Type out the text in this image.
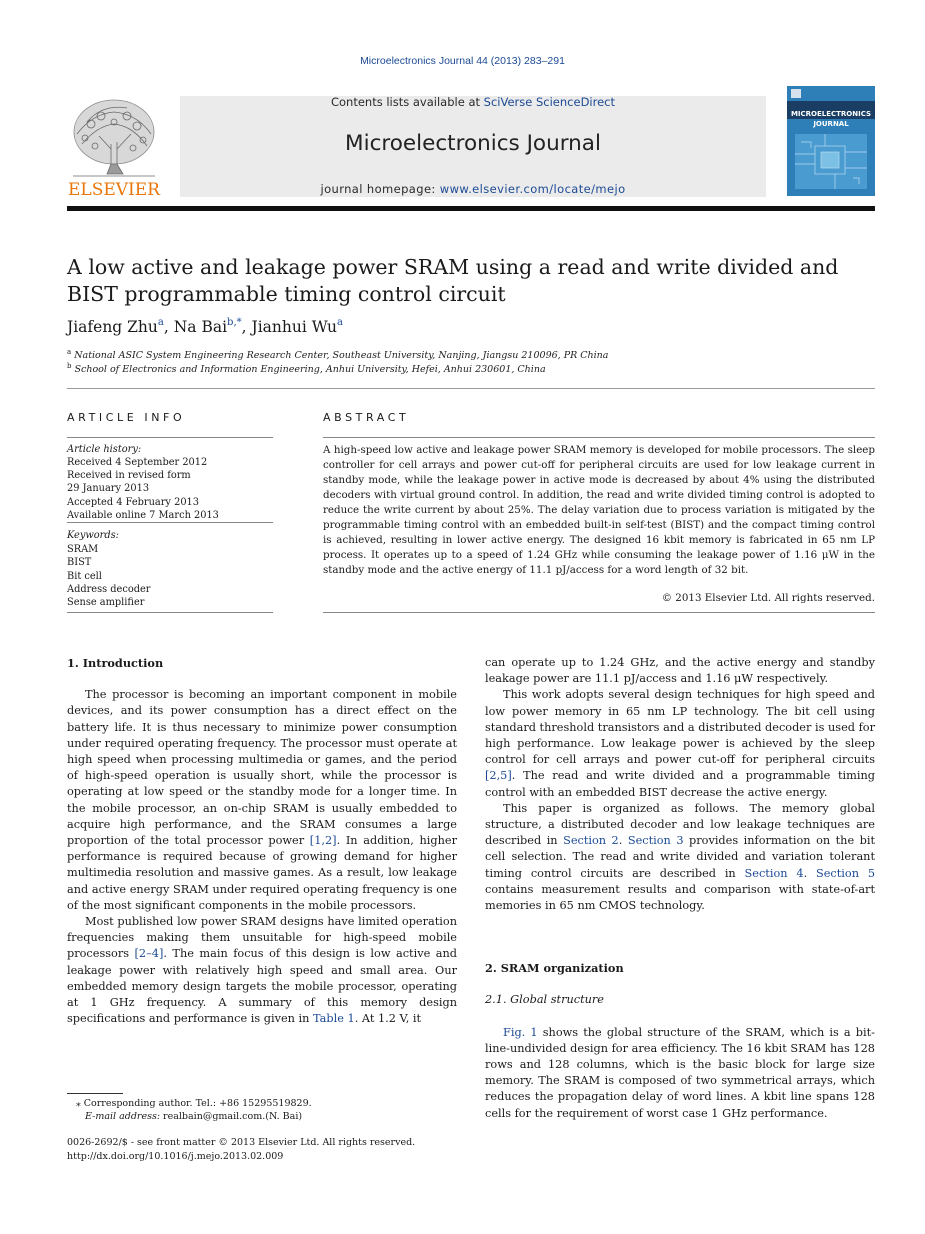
Microelectronics Journal 44 (2013) 283–291
ELSEVIER
Contents lists available at SciVerse ScienceDirect
Microelectronics Journal
journal homepage: www.elsevier.com/locate/mejo
MICROELECTRONICS JOURNAL
A low active and leakage power SRAM using a read and write divided and BIST programmable timing control circuit
Jiafeng Zhu$^a$, Na Bai$^{b,*}$, Jianhui Wu$^a$
$^a$ National ASIC System Engineering Research Center, Southeast University, Nanjing, Jiangsu 210096, PR China
$^b$ School of Electronics and Information Engineering, Anhui University, Hefei, Anhui 230601, China
ARTICLE INFO
Article history:
Received 4 September 2012
Received in revised form
29 January 2013
Accepted 4 February 2013
Available online 7 March 2013
Keywords:
SRAM
BIST
Bit cell
Address decoder
Sense amplifier
ABSTRACT
A high-speed low active and leakage power SRAM memory is developed for mobile processors. The sleep controller for cell arrays and power cut-off for peripheral circuits are used for low leakage current in standby mode, while the leakage power in active mode is decreased by about 4% using the distributed decoders with virtual ground control. In addition, the read and write divided timing control is adopted to reduce the write current by about 25%. The delay variation due to process variation is mitigated by the programmable timing control with an embedded built-in self-test (BIST) and the compact timing control is achieved, resulting in lower active energy. The designed 16 kbit memory is fabricated in 65 nm LP process. It operates up to a speed of 1.24 GHz while consuming the leakage power of 1.16 μW in the standby mode and the active energy of 11.1 pJ/access for a word length of 32 bit.
© 2013 Elsevier Ltd. All rights reserved.
1. Introduction

The processor is becoming an important component in mobile devices, and its power consumption has a direct effect on the battery life. It is thus necessary to minimize power consumption under required operating frequency. The processor must operate at high speed when processing multimedia or games, and the period of high-speed operation is usually short, while the processor is operating at low speed or the standby mode for a longer time. In the mobile processor, an on-chip SRAM is usually embedded to acquire high performance, and the SRAM consumes a large proportion of the total processor power [1,2]. In addition, higher performance is required because of growing demand for higher multimedia resolution and massive games. As a result, low leakage and active energy SRAM under required operating frequency is one of the most significant components in the mobile processors.

Most published low power SRAM designs have limited operation frequencies making them unsuitable for high-speed mobile processors [2–4]. The main focus of this design is low active and leakage power with relatively high speed and small area. Our embedded memory design targets the mobile processor, operating at 1 GHz frequency. A summary of this memory design specifications and performance is given in Table 1. At 1.2 V, it

can operate up to 1.24 GHz, and the active energy and standby leakage power are 11.1 pJ/access and 1.16 μW respectively.

This work adopts several design techniques for high speed and low power memory in 65 nm LP technology. The bit cell using standard threshold transistors and a distributed decoder is used for high performance. Low leakage power is achieved by the sleep control for cell arrays and power cut-off for peripheral circuits [2,5]. The read and write divided and a programmable timing control with an embedded BIST decrease the active energy.

This paper is organized as follows. The memory global structure, a distributed decoder and low leakage techniques are described in Section 2. Section 3 provides information on the bit cell selection. The read and write divided and variation tolerant timing control circuits are described in Section 4. Section 5 contains measurement results and comparison with state-of-art memories in 65 nm CMOS technology.

2. SRAM organization
2.1. Global structure

Fig. 1 shows the global structure of the SRAM, which is a bit-line-undivided design for area efficiency. The 16 kbit SRAM has 128 rows and 128 columns, which is the basic block for large size memory. The SRAM is composed of two symmetrical arrays, which reduces the propagation delay of word lines. A kbit line spans 128 cells for the requirement of worst case 1 GHz performance.

⁎ Corresponding author. Tel.: +86 15295519829.
E-mail address: realbain@gmail.com.(N. Bai)
0026-2692/$ - see front matter © 2013 Elsevier Ltd. All rights reserved.
http://dx.doi.org/10.1016/j.mejo.2013.02.009
